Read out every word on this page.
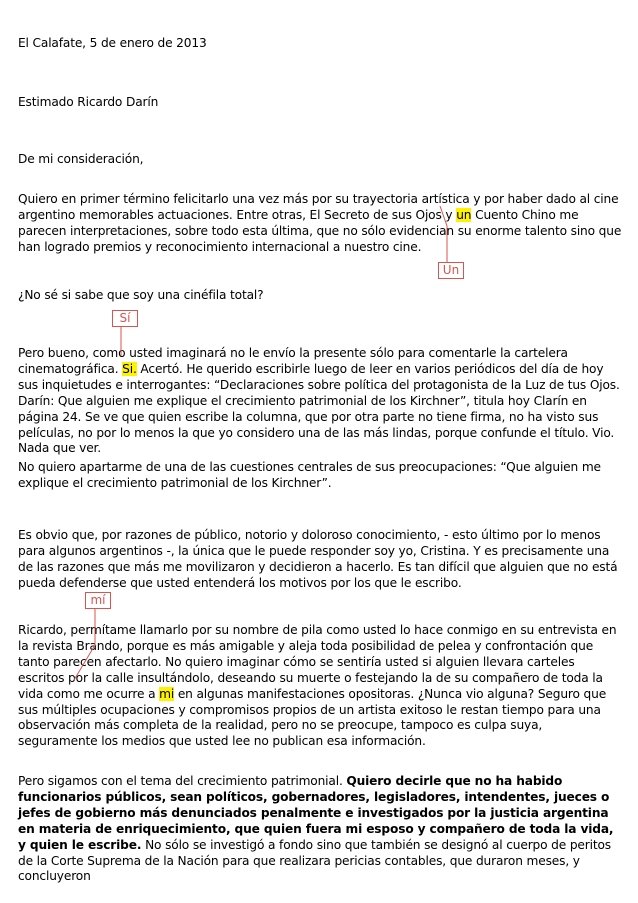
El Calafate, 5 de enero de 2013

Estimado Ricardo Darín

De mi consideración,

Quiero en primer término felicitarlo una vez más por su trayectoria artística y por haber dado al cine argentino memorables actuaciones. Entre otras, El Secreto de sus Ojos y un Cuento Chino me parecen interpretaciones, sobre todo esta última, que no sólo evidencian su enorme talento sino que han logrado premios y reconocimiento internacional a nuestro cine.

¿No sé si sabe que soy una cinéfila total?

Pero bueno, como usted imaginará no le envío la presente sólo para comentarle la cartelera cinematográfica. Si. Acertó. He querido escribirle luego de leer en varios periódicos del día de hoy sus inquietudes e interrogantes: “Declaraciones sobre política del protagonista de la Luz de tus Ojos. Darín: Que alguien me explique el crecimiento patrimonial de los Kirchner”, titula hoy Clarín en página 24. Se ve que quien escribe la columna, que por otra parte no tiene firma, no ha visto sus películas, no por lo menos la que yo considero una de las más lindas, porque confunde el título. Vio. Nada que ver.

No quiero apartarme de una de las cuestiones centrales de sus preocupaciones: “Que alguien me explique el crecimiento patrimonial de los Kirchner”.

Es obvio que, por razones de público, notorio y doloroso conocimiento, - esto último por lo menos para algunos argentinos -, la única que le puede responder soy yo, Cristina. Y es precisamente una de las razones que más me movilizaron y decidieron a hacerlo. Es tan difícil que alguien que no está pueda defenderse que usted entenderá los motivos por los que le escribo.

Ricardo, permítame llamarlo por su nombre de pila como usted lo hace conmigo en su entrevista en la revista Brando, porque es más amigable y aleja toda posibilidad de pelea y confrontación que tanto parecen afectarlo. No quiero imaginar cómo se sentiría usted si alguien llevara carteles escritos por la calle insultándolo, deseando su muerte o festejando la de su compañero de toda la vida como me ocurre a mi en algunas manifestaciones opositoras. ¿Nunca vio alguna? Seguro que sus múltiples ocupaciones y compromisos propios de un artista exitoso le restan tiempo para una observación más completa de la realidad, pero no se preocupe, tampoco es culpa suya, seguramente los medios que usted lee no publican esa información.

Pero sigamos con el tema del crecimiento patrimonial. Quiero decirle que no ha habido funcionarios públicos, sean políticos, gobernadores, legisladores, intendentes, jueces o jefes de gobierno más denunciados penalmente e investigados por la justicia argentina en materia de enriquecimiento, que quien fuera mi esposo y compañero de toda la vida, y quien le escribe. No sólo se investigó a fondo sino que también se designó al cuerpo de peritos de la Corte Suprema de la Nación para que realizara pericias contables, que duraron meses, y concluyeron

Un
Sí
mí
